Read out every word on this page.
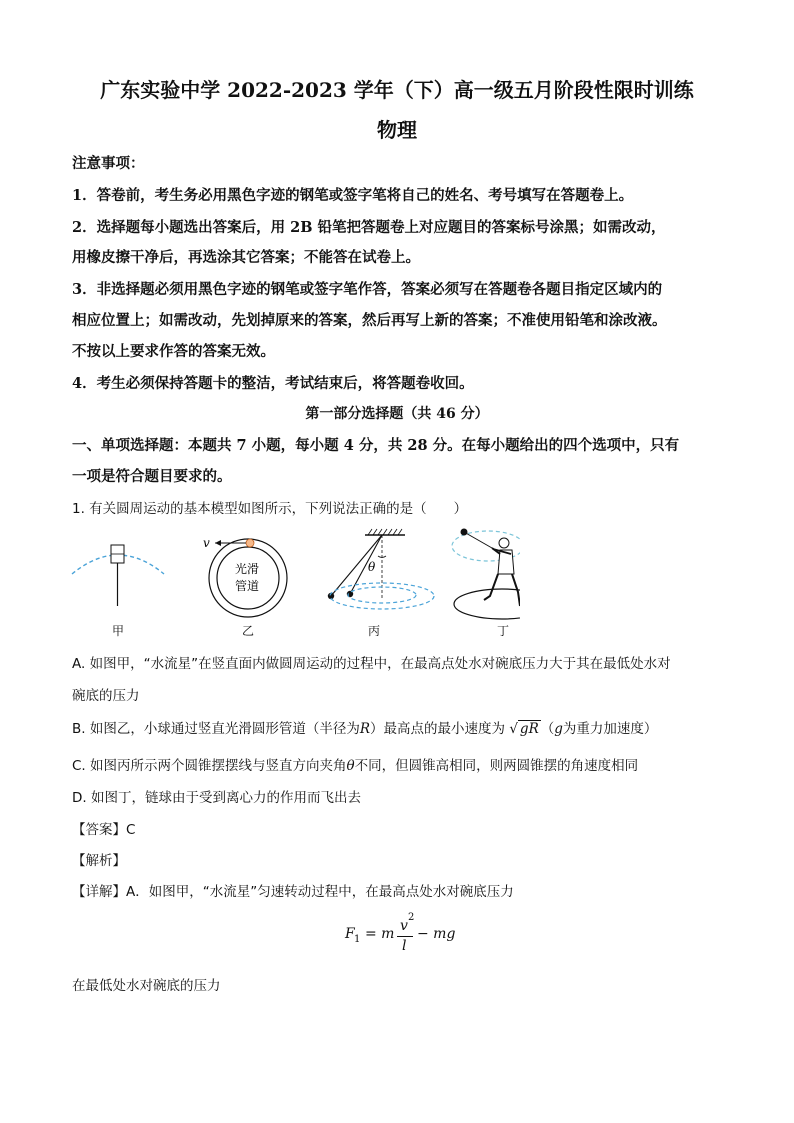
广东实验中学 2022-2023 学年（下）高一级五月阶段性限时训练
物理
注意事项：
1．答卷前，考生务必用黑色字迹的钢笔或签字笔将自己的姓名、考号填写在答题卷上。
2．选择题每小题选出答案后，用 2B 铅笔把答题卷上对应题目的答案标号涂黑；如需改动，
用橡皮擦干净后，再选涂其它答案；不能答在试卷上。
3．非选择题必须用黑色字迹的钢笔或签字笔作答，答案必须写在答题卷各题目指定区域内的
相应位置上；如需改动，先划掉原来的答案，然后再写上新的答案；不准使用铅笔和涂改液。
不按以上要求作答的答案无效。
4．考生必须保持答题卡的整洁，考试结束后，将答题卷收回。
第一部分选择题（共 46 分）
一、单项选择题：本题共 7 小题，每小题 4 分，共 28 分。在每小题给出的四个选项中，只有
一项是符合题目要求的。
1. 有关圆周运动的基本模型如图所示，下列说法正确的是（　　）
v
光滑
管道
θ
甲	乙	丙	丁
A. 如图甲，“水流星”在竖直面内做圆周运动的过程中，在最高点处水对碗底压力大于其在最低处水对
碗底的压力
B. 如图乙，小球通过竖直光滑圆形管道（半径为R）最高点的最小速度为 √ gR （g为重力加速度）
C. 如图丙所示两个圆锥摆摆线与竖直方向夹角θ不同，但圆锥高相同，则两圆锥摆的角速度相同
D. 如图丁，链球由于受到离心力的作用而飞出去
【答案】C
【解析】
【详解】A．如图甲，“水流星”匀速转动过程中，在最高点处水对碗底压力
F 1 = m v
2
l
− mg
在最低处水对碗底的压力
